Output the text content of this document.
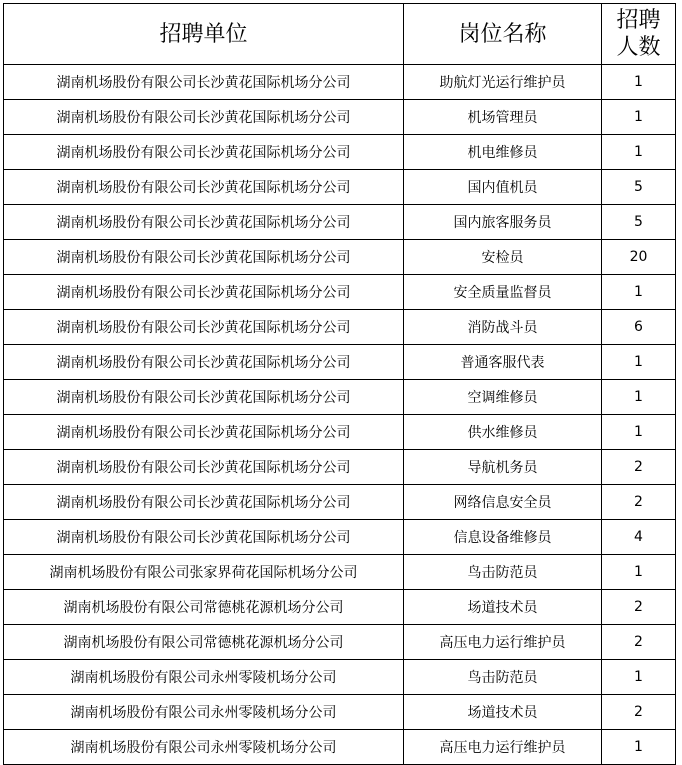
招聘单位	岗位名称	招聘
人数
湖南机场股份有限公司长沙黄花国际机场分公司	助航灯光运行维护员	1
湖南机场股份有限公司长沙黄花国际机场分公司	机场管理员	1
湖南机场股份有限公司长沙黄花国际机场分公司	机电维修员	1
湖南机场股份有限公司长沙黄花国际机场分公司	国内值机员	5
湖南机场股份有限公司长沙黄花国际机场分公司	国内旅客服务员	5
湖南机场股份有限公司长沙黄花国际机场分公司	安检员	20
湖南机场股份有限公司长沙黄花国际机场分公司	安全质量监督员	1
湖南机场股份有限公司长沙黄花国际机场分公司	消防战斗员	6
湖南机场股份有限公司长沙黄花国际机场分公司	普通客服代表	1
湖南机场股份有限公司长沙黄花国际机场分公司	空调维修员	1
湖南机场股份有限公司长沙黄花国际机场分公司	供水维修员	1
湖南机场股份有限公司长沙黄花国际机场分公司	导航机务员	2
湖南机场股份有限公司长沙黄花国际机场分公司	网络信息安全员	2
湖南机场股份有限公司长沙黄花国际机场分公司	信息设备维修员	4
湖南机场股份有限公司张家界荷花国际机场分公司	鸟击防范员	1
湖南机场股份有限公司常德桃花源机场分公司	场道技术员	2
湖南机场股份有限公司常德桃花源机场分公司	高压电力运行维护员	2
湖南机场股份有限公司永州零陵机场分公司	鸟击防范员	1
湖南机场股份有限公司永州零陵机场分公司	场道技术员	2
湖南机场股份有限公司永州零陵机场分公司	高压电力运行维护员	1
